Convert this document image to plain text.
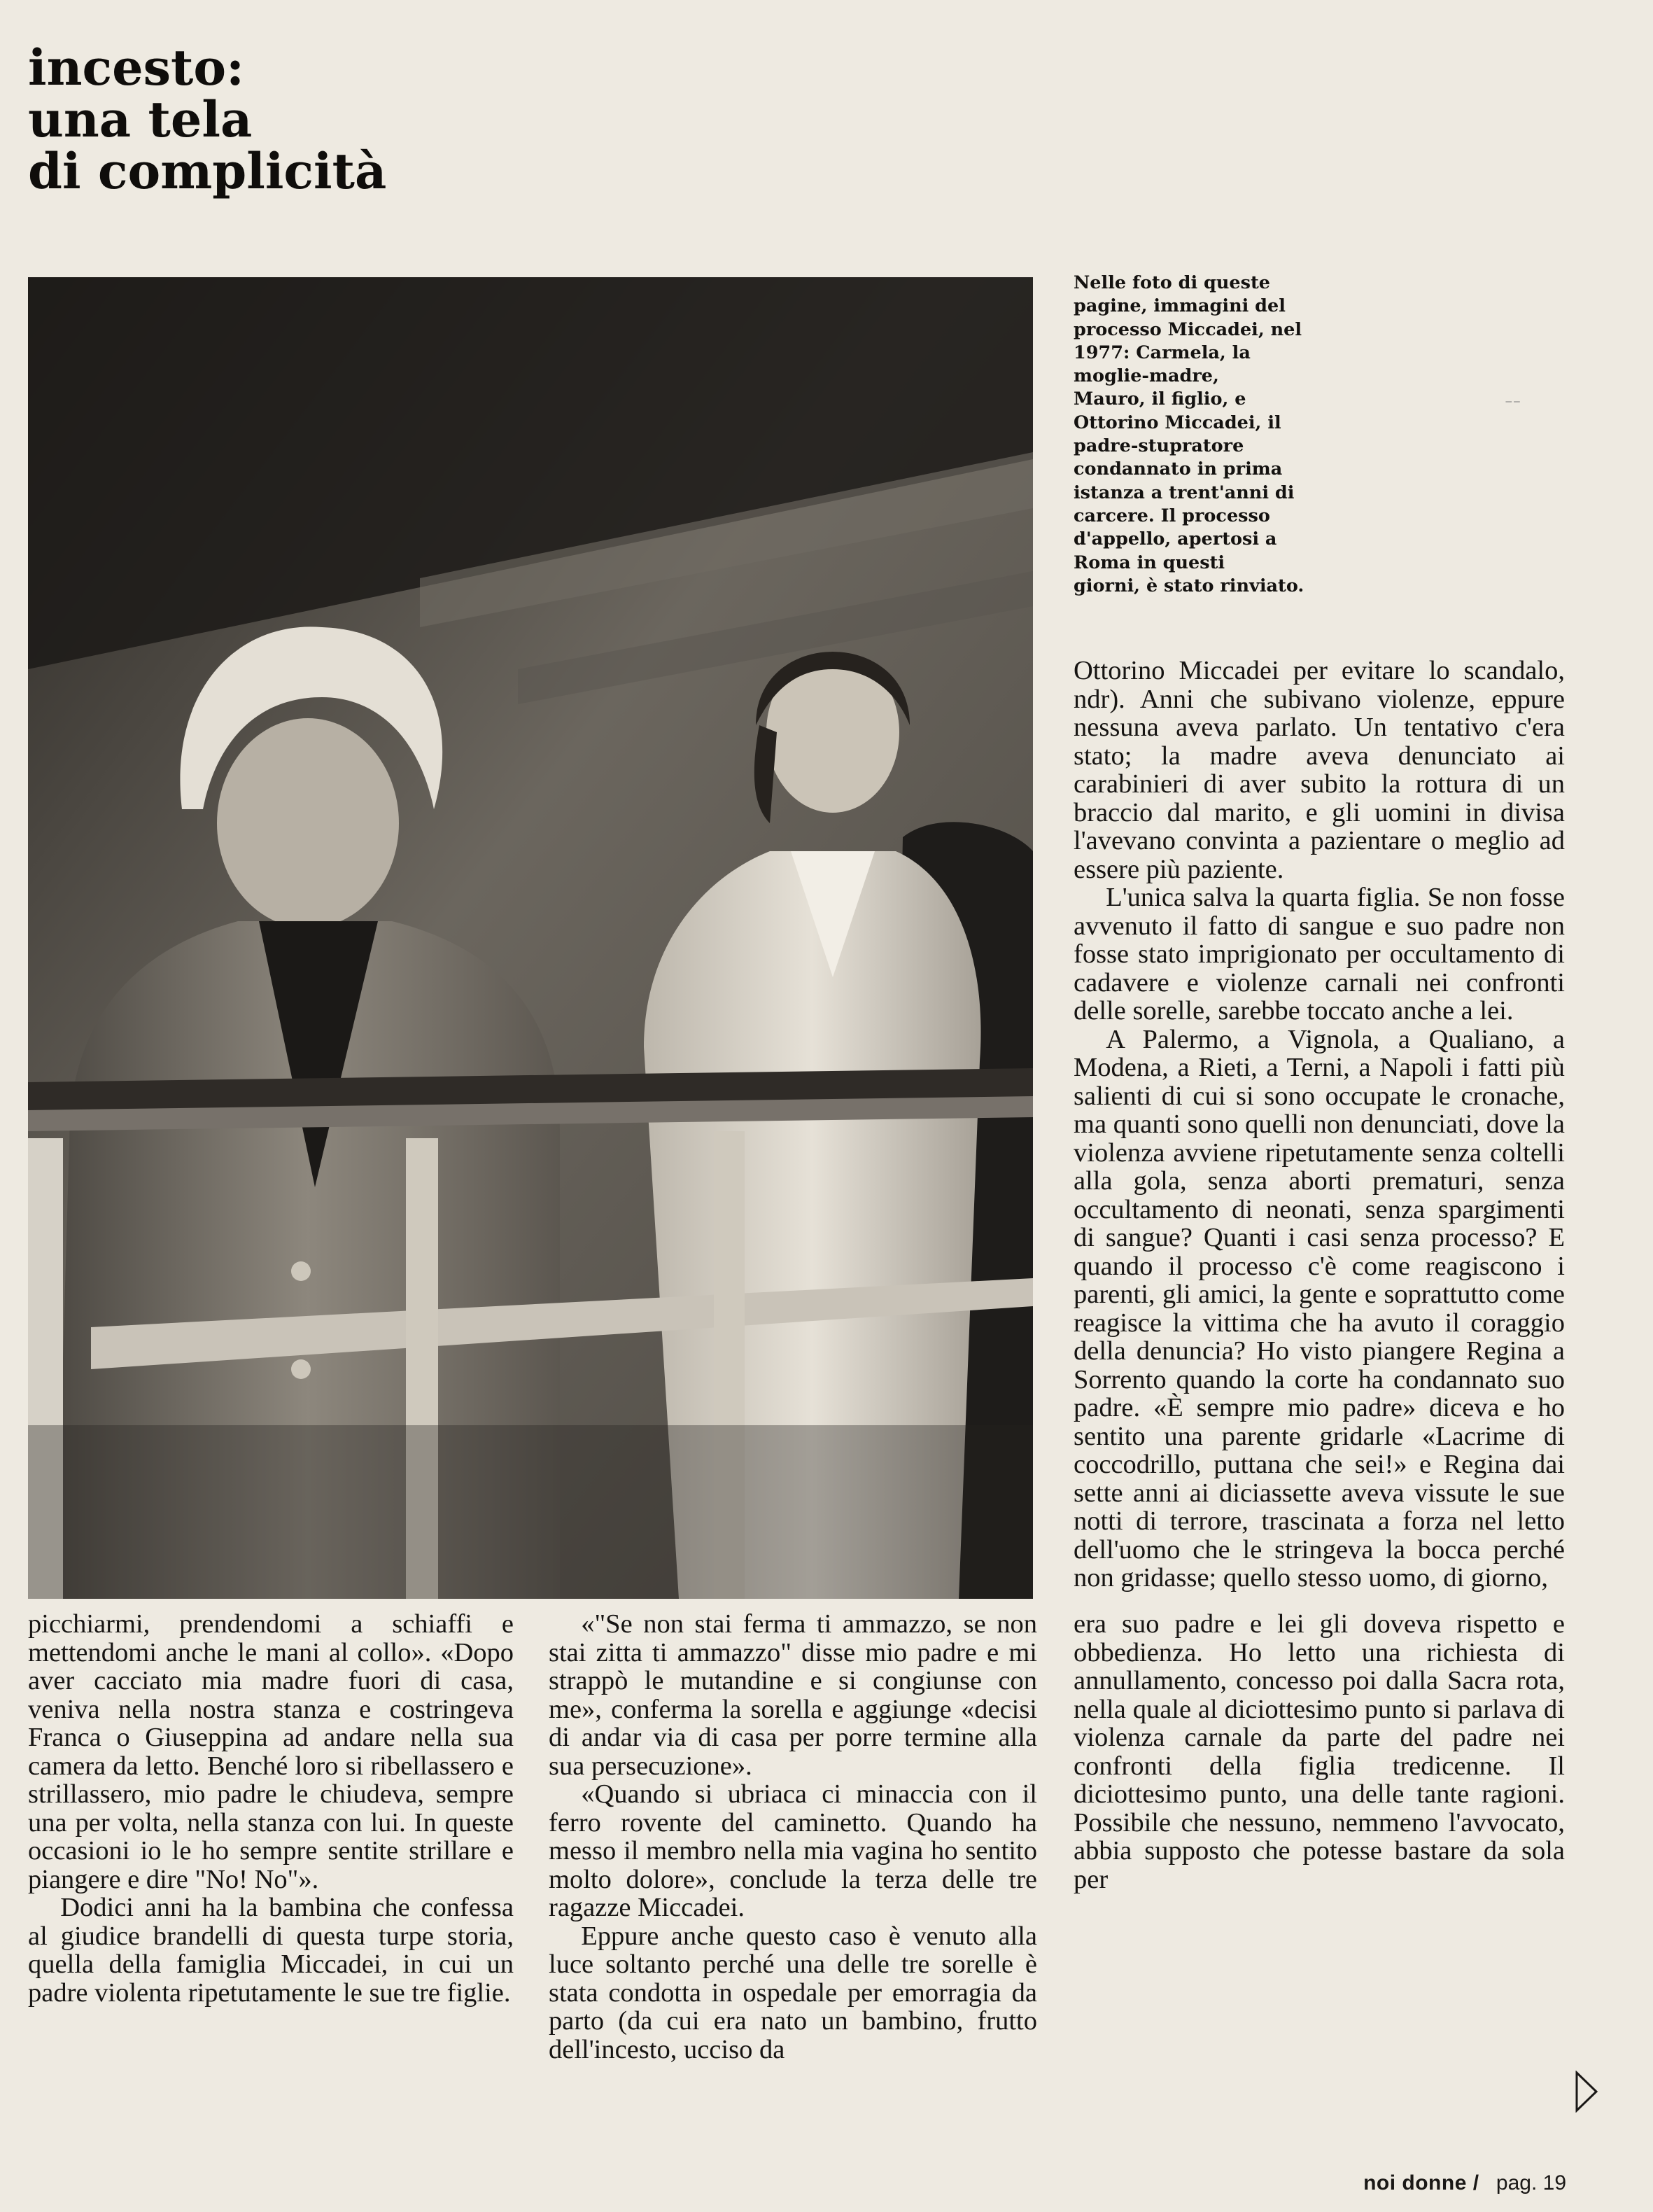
incesto:
una tela
di complicità
Nelle foto di queste
pagine, immagini del
processo Miccadei, nel
1977: Carmela, la
moglie-madre,
Mauro, il figlio, e
Ottorino Miccadei, il
padre-stupratore
condannato in prima
istanza a trent'anni di
carcere. Il processo
d'appello, apertosi a
Roma in questi
giorni, è stato rinviato.
⁻⁻

Ottorino Miccadei per evitare lo scandalo, ndr). Anni che subivano violenze, eppure nessuna aveva parlato. Un tentativo c'era stato; la madre aveva denunciato ai carabinieri di aver subito la rottura di un braccio dal marito, e gli uomini in divisa l'avevano convinta a pazientare o meglio ad essere più paziente.

L'unica salva la quarta figlia. Se non fosse avvenuto il fatto di sangue e suo padre non fosse stato imprigionato per occultamento di cadavere e violenze carnali nei confronti delle sorelle, sarebbe toccato anche a lei.

A Palermo, a Vignola, a Qualiano, a Modena, a Rieti, a Terni, a Napoli i fatti più salienti di cui si sono occupate le cronache, ma quanti sono quelli non denunciati, dove la violenza avviene ripetutamente senza coltelli alla gola, senza aborti prematuri, senza occultamento di neonati, senza spargimenti di sangue? Quanti i casi senza processo? E quando il processo c'è come reagiscono i parenti, gli amici, la gente e soprattutto come reagisce la vittima che ha avuto il coraggio della denuncia? Ho visto piangere Regina a Sorrento quando la corte ha condannato suo padre. «È sempre mio padre» diceva e ho sentito una parente gridarle «Lacrime di coccodrillo, puttana che sei!» e Regina dai sette anni ai diciassette aveva vissute le sue notti di terrore, trascinata a forza nel letto dell'uomo che le stringeva la bocca perché non gridasse; quello stesso uomo, di giorno,

picchiarmi, prendendomi a schiaffi e mettendomi anche le mani al collo». «Dopo aver cacciato mia madre fuori di casa, veniva nella nostra stanza e costringeva Franca o Giuseppina ad andare nella sua camera da letto. Benché loro si ribellassero e strillassero, mio padre le chiudeva, sempre una per volta, nella stanza con lui. In queste occasioni io le ho sempre sentite strillare e piangere e dire "No! No"».

Dodici anni ha la bambina che confessa al giudice brandelli di questa turpe storia, quella della famiglia Miccadei, in cui un padre violenta ripetutamente le sue tre figlie.

«"Se non stai ferma ti ammazzo, se non stai zitta ti ammazzo" disse mio padre e mi strappò le mutandine e si congiunse con me», conferma la sorella e aggiunge «decisi di andar via di casa per porre termine alla sua persecuzione».

«Quando si ubriaca ci minaccia con il ferro rovente del caminetto. Quando ha messo il membro nella mia vagina ho sentito molto dolore», conclude la terza delle tre ragazze Miccadei.

Eppure anche questo caso è venuto alla luce soltanto perché una delle tre sorelle è stata condotta in ospedale per emorragia da parto (da cui era nato un bambino, frutto dell'incesto, ucciso da

era suo padre e lei gli doveva rispetto e obbedienza. Ho letto una richiesta di annullamento, concesso poi dalla Sacra rota, nella quale al diciottesimo punto si parlava di violenza carnale da parte del padre nei confronti della figlia tredicenne. Il diciottesimo punto, una delle tante ragioni. Possibile che nessuno, nemmeno l'avvocato, abbia supposto che potesse bastare da sola per

noi donne / pag. 19
